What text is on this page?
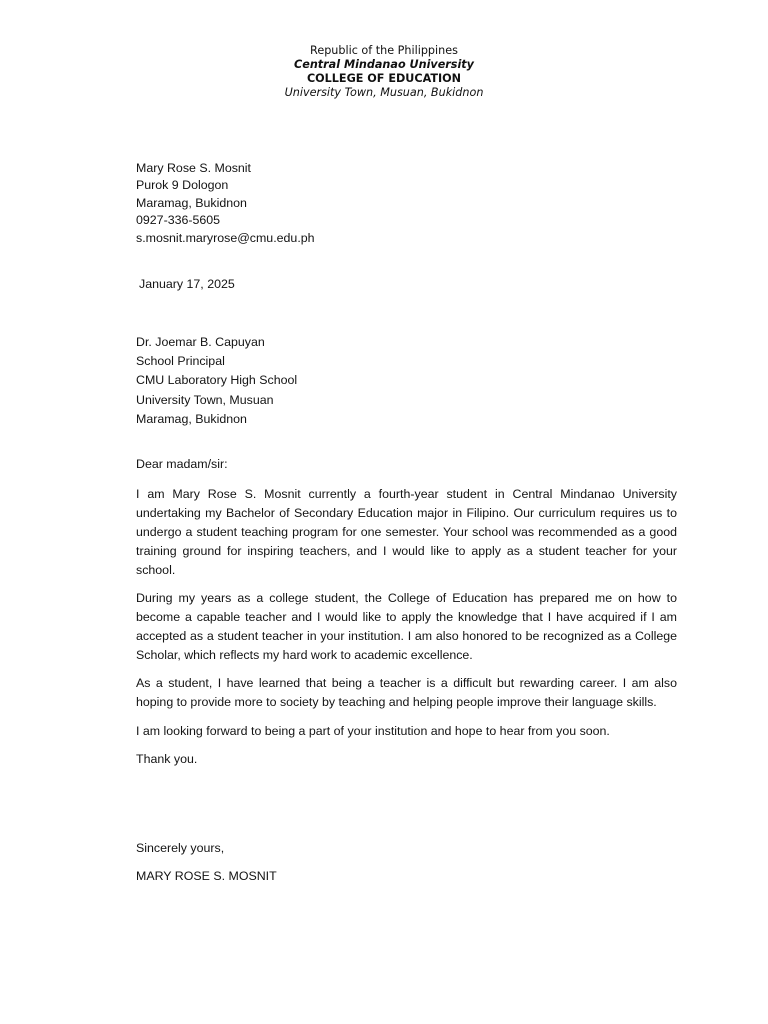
Republic of the Philippines
Central Mindanao University
COLLEGE OF EDUCATION
University Town, Musuan, Bukidnon
Mary Rose S. Mosnit
Purok 9 Dologon
Maramag, Bukidnon
0927-336-5605
s.mosnit.maryrose@cmu.edu.ph
January 17, 2025
Dr. Joemar B. Capuyan
School Principal
CMU Laboratory High School
University Town, Musuan
Maramag, Bukidnon
Dear madam/sir:

I am Mary Rose S. Mosnit currently a fourth-year student in Central Mindanao University undertaking my Bachelor of Secondary Education major in Filipino. Our curriculum requires us to undergo a student teaching program for one semester. Your school was recommended as a good training ground for inspiring teachers, and I would like to apply as a student teacher for your school.

During my years as a college student, the College of Education has prepared me on how to become a capable teacher and I would like to apply the knowledge that I have acquired if I am accepted as a student teacher in your institution. I am also honored to be recognized as a College Scholar, which reflects my hard work to academic excellence.

As a student, I have learned that being a teacher is a difficult but rewarding career. I am also hoping to provide more to society by teaching and helping people improve their language skills.

I am looking forward to being a part of your institution and hope to hear from you soon.

Thank you.
Sincerely yours,
MARY ROSE S. MOSNIT
